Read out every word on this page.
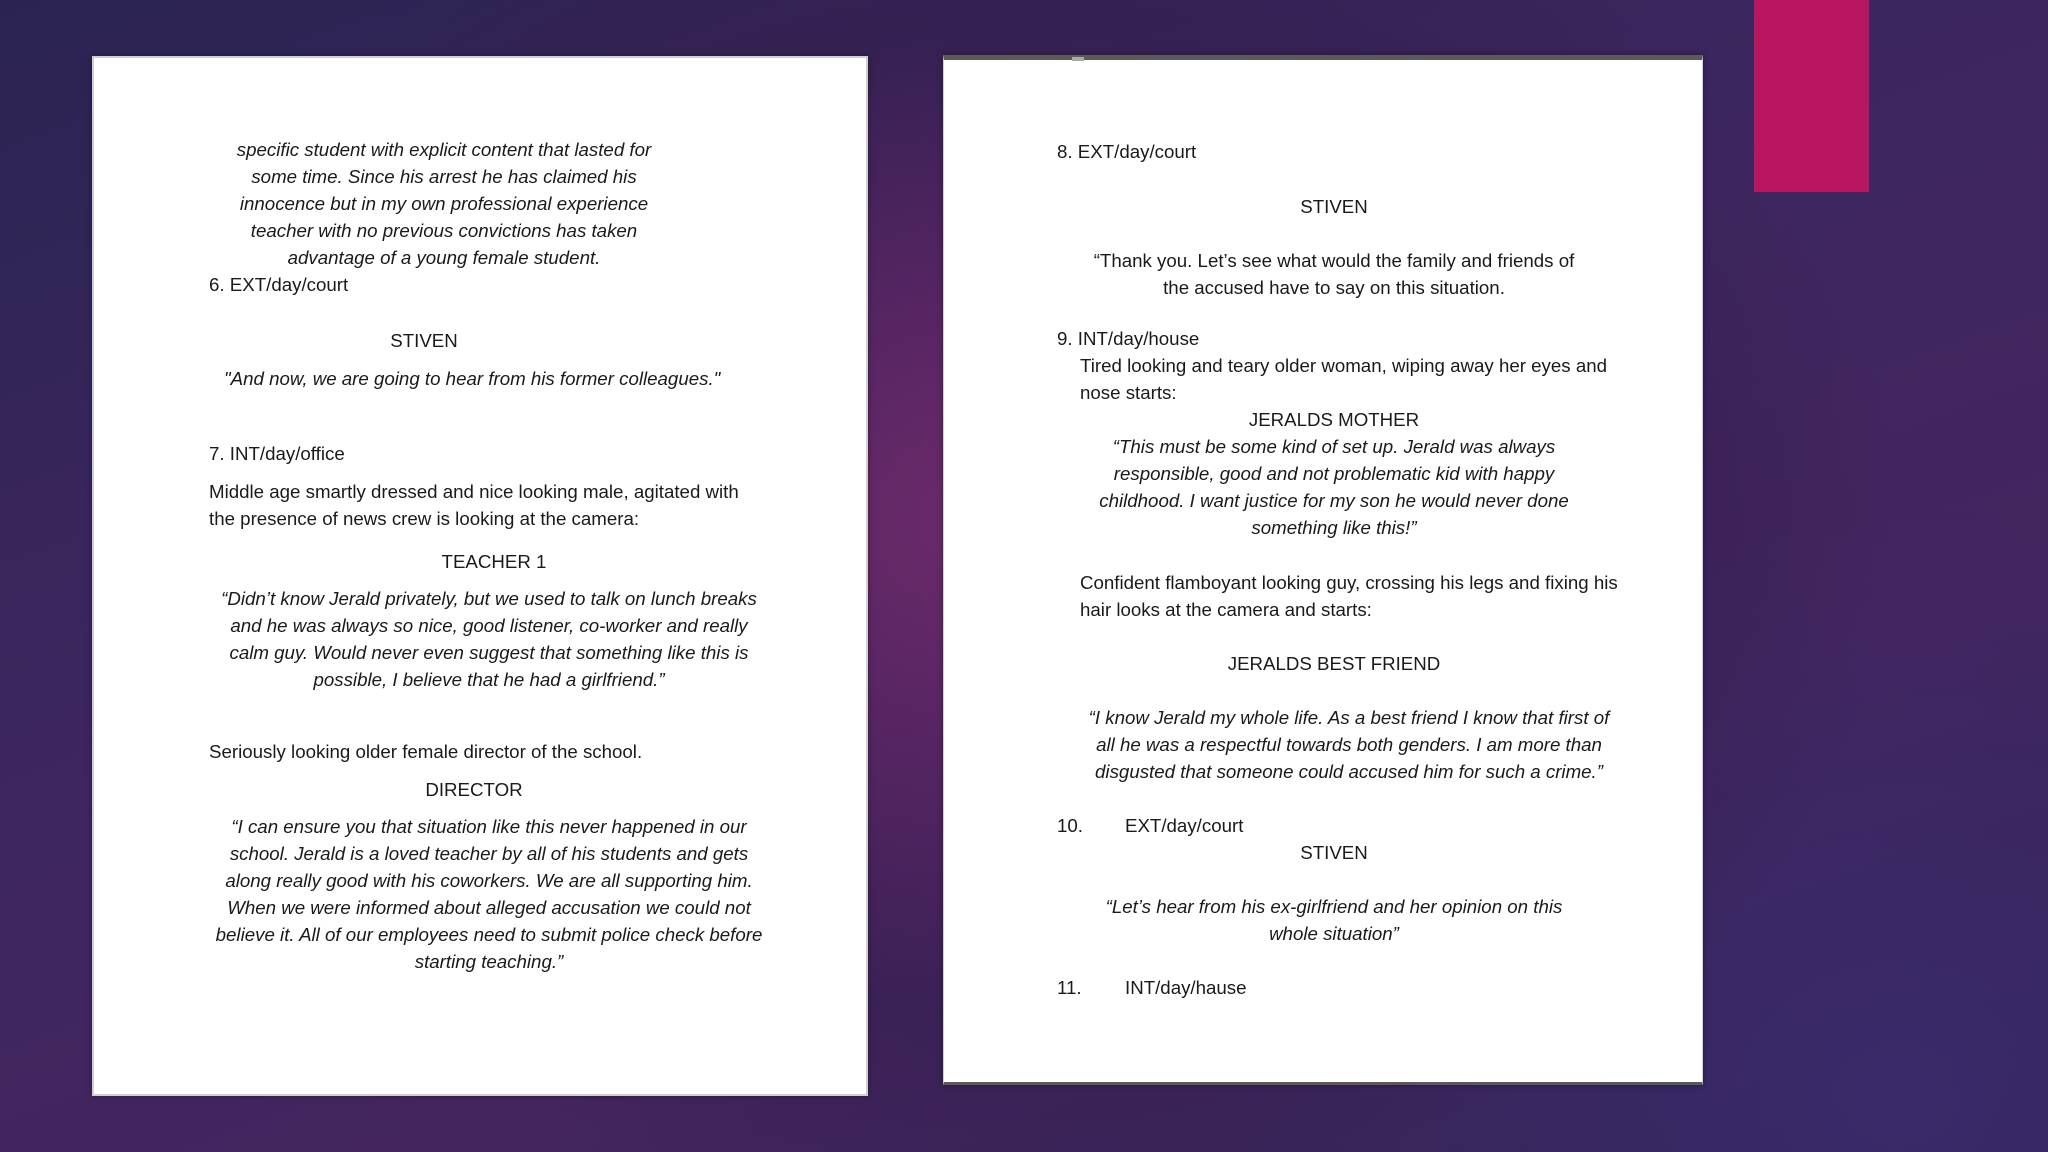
specific student with explicit content that lasted for some time. Since his arrest he has claimed his innocence but in my own professional experience teacher with no previous convictions has taken advantage of a young female student.

6. EXT/day/court

STIVEN

"And now, we are going to hear from his former colleagues."

7. INT/day/office

Middle age smartly dressed and nice looking male, agitated with the presence of news crew is looking at the camera:

TEACHER 1

“Didn’t know Jerald privately, but we used to talk on lunch breaks and he was always so nice, good listener, co-worker and really calm guy. Would never even suggest that something like this is possible, I believe that he had a girlfriend.”

Seriously looking older female director of the school.

DIRECTOR

“I can ensure you that situation like this never happened in our school. Jerald is a loved teacher by all of his students and gets along really good with his coworkers. We are all supporting him. When we were informed about alleged accusation we could not believe it. All of our employees need to submit police check before starting teaching.”

8. EXT/day/court

STIVEN

“Thank you. Let’s see what would the family and friends of the accused have to say on this situation.

9. INT/day/house

Tired looking and teary older woman, wiping away her eyes and nose starts:

JERALDS MOTHER

“This must be some kind of set up. Jerald was always responsible, good and not problematic kid with happy childhood. I want justice for my son he would never done something like this!”

Confident flamboyant looking guy, crossing his legs and fixing his hair looks at the camera and starts:

JERALDS BEST FRIEND

“I know Jerald my whole life. As a best friend I know that first of all he was a respectful towards both genders. I am more than disgusted that someone could accused him for such a crime.”

10. EXT/day/court

STIVEN

“Let’s hear from his ex-girlfriend and her opinion on this whole situation”

11. INT/day/hause
